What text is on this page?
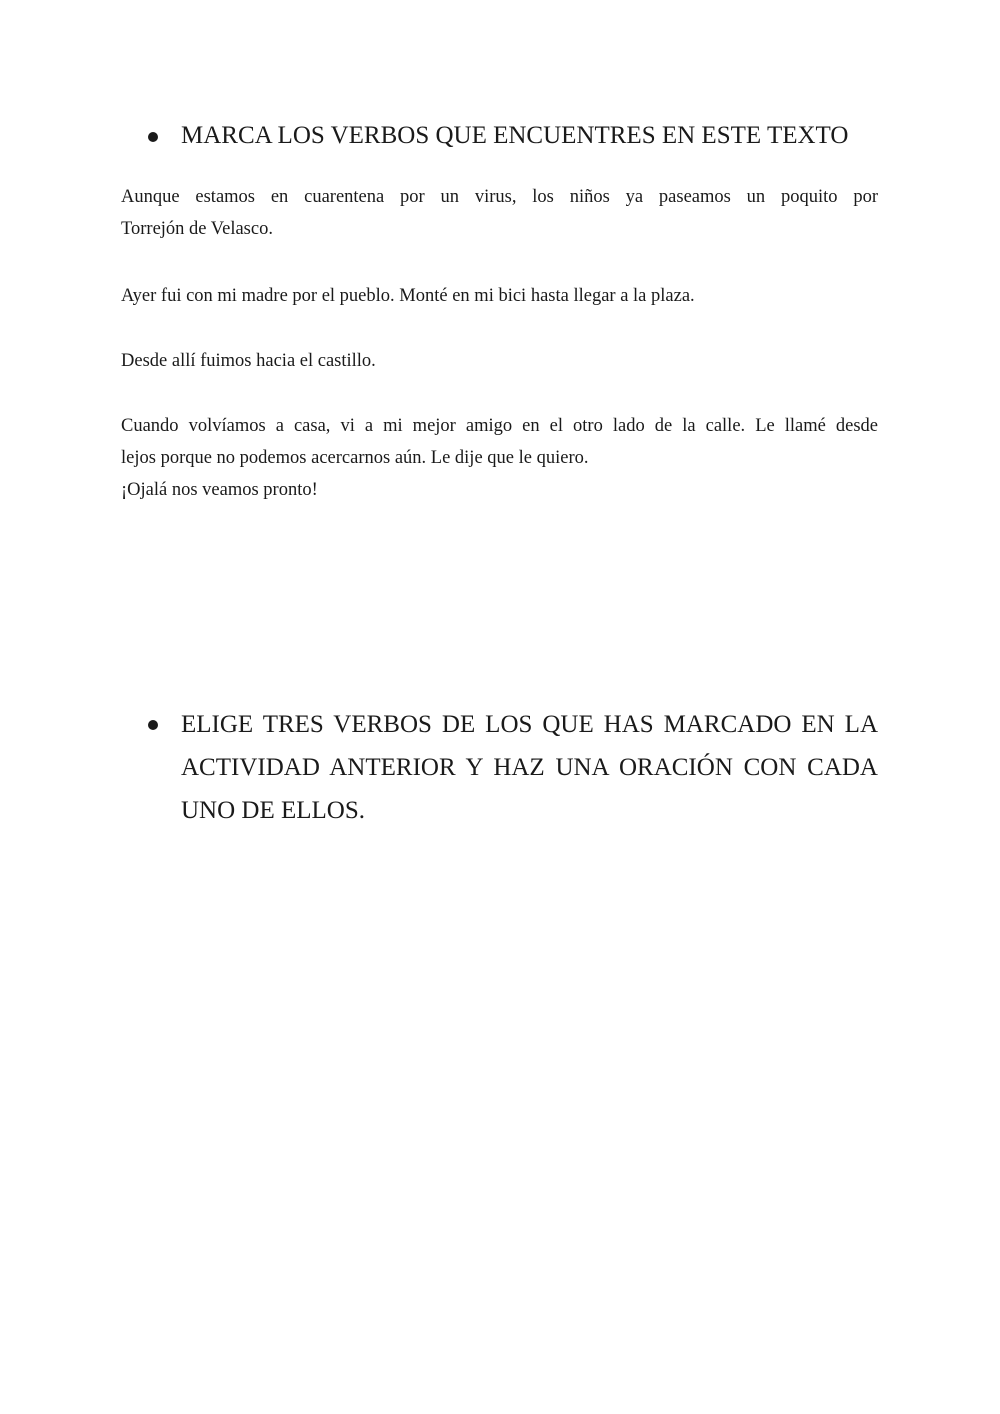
MARCA LOS VERBOS QUE ENCUENTRES EN ESTE TEXTO

Aunque estamos en cuarentena por un virus, los niños ya paseamos un poquito por
Torrejón de Velasco.

Ayer fui con mi madre por el pueblo. Monté en mi bici hasta llegar a la plaza.

Desde allí fuimos hacia el castillo.

Cuando volvíamos a casa, vi a mi mejor amigo en el otro lado de la calle. Le llamé desde
lejos porque no podemos acercarnos aún. Le dije que le quiero.
¡Ojalá nos veamos pronto!

ELIGE TRES VERBOS DE LOS QUE HAS MARCADO EN LA ACTIVIDAD ANTERIOR Y HAZ UNA ORACIÓN CON CADA UNO DE ELLOS.
